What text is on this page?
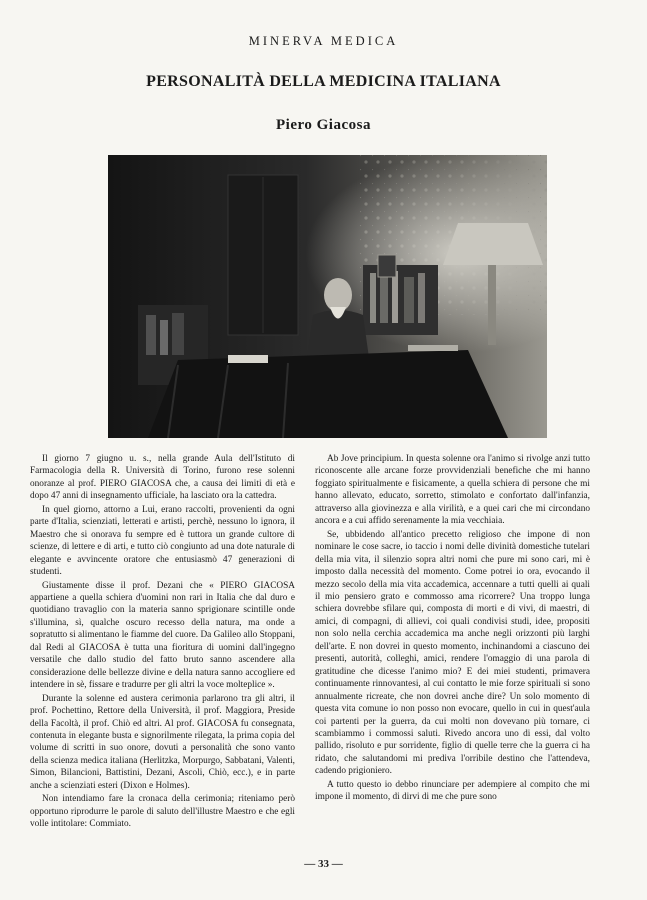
MINERVA MEDICA
PERSONALITÀ DELLA MEDICINA ITALIANA
Piero Giacosa

Il giorno 7 giugno u. s., nella grande Aula dell'Istituto di Farmacologia della R. Università di Torino, furono rese solenni onoranze al prof. PIERO GIACOSA che, a causa dei limiti di età e dopo 47 anni di insegnamento ufficiale, ha lasciato ora la cattedra.

In quel giorno, attorno a Lui, erano raccolti, provenienti da ogni parte d'Italia, scienziati, letterati e artisti, perchè, nessuno lo ignora, il Maestro che si onorava fu sempre ed è tuttora un grande cultore di scienze, di lettere e di arti, e tutto ciò congiunto ad una dote naturale di elegante e avvincente oratore che entusiasmò 47 generazioni di studenti.

Giustamente disse il prof. Dezani che « PIERO GIACOSA appartiene a quella schiera d'uomini non rari in Italia che dal duro e quotidiano travaglio con la materia sanno sprigionare scintille onde s'illumina, sì, qualche oscuro recesso della natura, ma onde a sopratutto si alimentano le fiamme del cuore. Da Galileo allo Stoppani, dal Redi al GIACOSA è tutta una fioritura di uomini dall'ingegno versatile che dallo studio del fatto bruto sanno ascendere alla considerazione delle bellezze divine e della natura sanno accogliere ed intendere in sè, fissare e tradurre per gli altri la voce molteplice ».

Durante la solenne ed austera cerimonia parlarono tra gli altri, il prof. Pochettino, Rettore della Università, il prof. Maggiora, Preside della Facoltà, il prof. Chiò ed altri. Al prof. GIACOSA fu consegnata, contenuta in elegante busta e signorilmente rilegata, la prima copia del volume di scritti in suo onore, dovuti a personalità che sono vanto della scienza medica italiana (Herlitzka, Morpurgo, Sabbatani, Valenti, Simon, Bilancioni, Battistini, Dezani, Ascoli, Chiò, ecc.), e in parte anche a scienziati esteri (Dixon e Holmes).

Non intendiamo fare la cronaca della cerimonia; riteniamo però opportuno riprodurre le parole di saluto dell'illustre Maestro e che egli volle intitolare: Commiato.

Ab Jove principium. In questa solenne ora l'animo si rivolge anzi tutto riconoscente alle arcane forze provvidenziali benefiche che mi hanno foggiato spiritualmente e fisicamente, a quella schiera di persone che mi hanno allevato, educato, sorretto, stimolato e confortato dall'infanzia, attraverso alla giovinezza e alla virilità, e a quei cari che mi circondano ancora e a cui affido serenamente la mia vecchiaia.

Se, ubbidendo all'antico precetto religioso che impone di non nominare le cose sacre, io taccio i nomi delle divinità domestiche tutelari della mia vita, il silenzio sopra altri nomi che pure mi sono cari, mi è imposto dalla necessità del momento. Come potrei io ora, evocando il mezzo secolo della mia vita accademica, accennare a tutti quelli ai quali il mio pensiero grato e commosso ama ricorrere? Una troppo lunga schiera dovrebbe sfilare qui, composta di morti e di vivi, di maestri, di amici, di compagni, di allievi, coi quali condivisi studi, idee, propositi non solo nella cerchia accademica ma anche negli orizzonti più larghi dell'arte. E non dovrei in questo momento, inchinandomi a ciascuno dei presenti, autorità, colleghi, amici, rendere l'omaggio di una parola di gratitudine che dicesse l'animo mio? E dei miei studenti, primavera continuamente rinnovantesi, al cui contatto le mie forze spirituali si sono annualmente ricreate, che non dovrei anche dire? Un solo momento di questa vita comune io non posso non evocare, quello in cui in quest'aula coi partenti per la guerra, da cui molti non dovevano più tornare, ci scambiammo i commossi saluti. Rivedo ancora uno di essi, dal volto pallido, risoluto e pur sorridente, figlio di quelle terre che la guerra ci ha ridato, che salutandomi mi prediva l'orribile destino che l'attendeva, cadendo prigioniero.

A tutto questo io debbo rinunciare per adempiere al compito che mi impone il momento, di dirvi di me che pure sono

— 33 —
